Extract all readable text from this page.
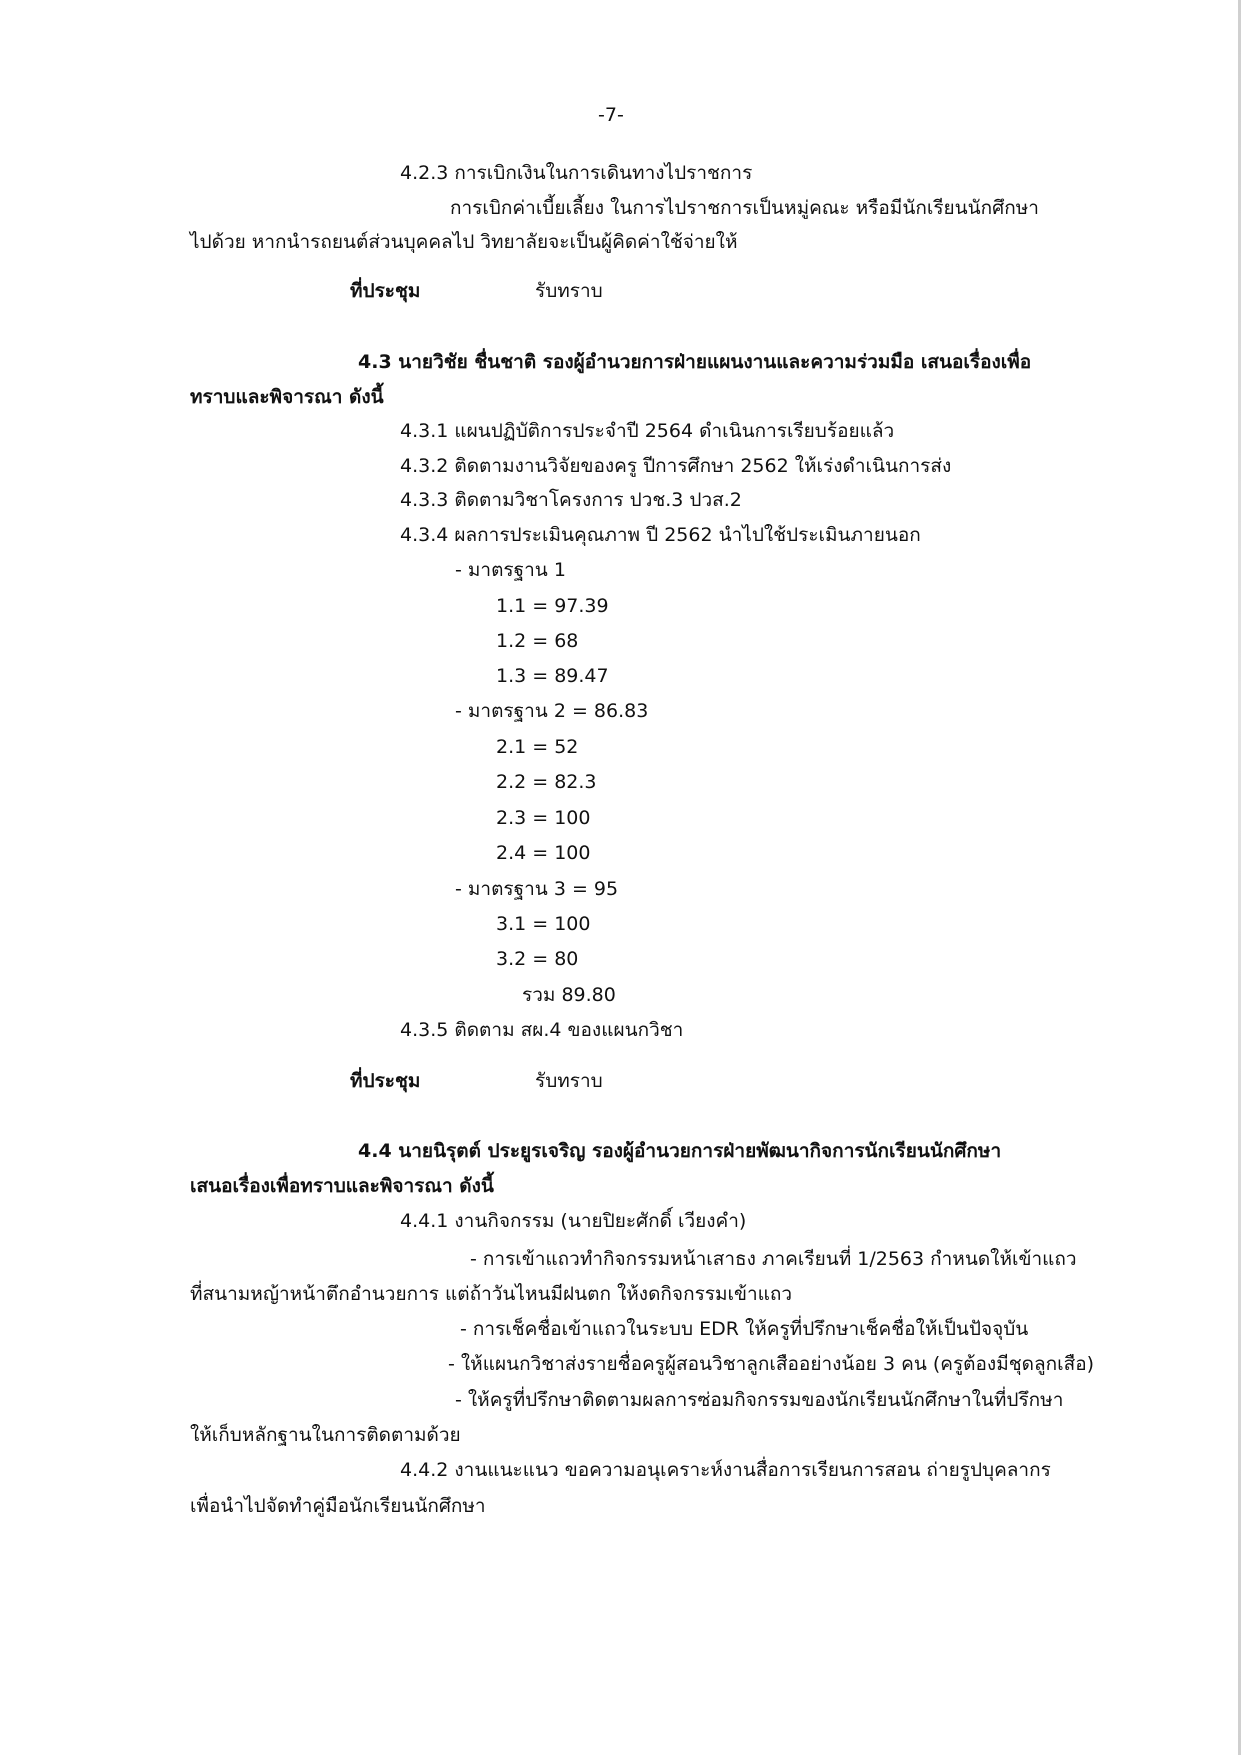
-7-

4.2.3 การเบิกเงินในการเดินทางไปราชการ

การเบิกค่าเบี้ยเลี้ยง ในการไปราชการเป็นหมู่คณะ หรือมีนักเรียนนักศึกษา

ไปด้วย หากนำรถยนต์ส่วนบุคคลไป วิทยาลัยจะเป็นผู้คิดค่าใช้จ่ายให้

ที่ประชุม	รับทราบ

4.3 นายวิชัย ชื่นชาติ รองผู้อำนวยการฝ่ายแผนงานและความร่วมมือ เสนอเรื่องเพื่อ

ทราบและพิจารณา ดังนี้

4.3.1 แผนปฏิบัติการประจำปี 2564 ดำเนินการเรียบร้อยแล้ว

4.3.2 ติดตามงานวิจัยของครู ปีการศึกษา 2562 ให้เร่งดำเนินการส่ง

4.3.3 ติดตามวิชาโครงการ ปวช.3 ปวส.2

4.3.4 ผลการประเมินคุณภาพ ปี 2562 นำไปใช้ประเมินภายนอก

- มาตรฐาน 1

1.1 = 97.39

1.2 = 68

1.3 = 89.47

- มาตรฐาน 2 = 86.83

2.1 = 52

2.2 = 82.3

2.3 = 100

2.4 = 100

- มาตรฐาน 3 = 95

3.1 = 100

3.2 = 80

รวม 89.80

4.3.5 ติดตาม สผ.4 ของแผนกวิชา

ที่ประชุม	รับทราบ

4.4 นายนิรุตต์ ประยูรเจริญ รองผู้อำนวยการฝ่ายพัฒนากิจการนักเรียนนักศึกษา

เสนอเรื่องเพื่อทราบและพิจารณา ดังนี้

4.4.1 งานกิจกรรม (นายปิยะศักดิ์ เวียงคำ)

- การเข้าแถวทำกิจกรรมหน้าเสาธง ภาคเรียนที่ 1/2563 กำหนดให้เข้าแถว

ที่สนามหญ้าหน้าตึกอำนวยการ แต่ถ้าวันไหนมีฝนตก ให้งดกิจกรรมเข้าแถว

- การเช็คชื่อเข้าแถวในระบบ EDR ให้ครูที่ปรึกษาเช็คชื่อให้เป็นปัจจุบัน

- ให้แผนกวิชาส่งรายชื่อครูผู้สอนวิชาลูกเสืออย่างน้อย 3 คน (ครูต้องมีชุดลูกเสือ)

- ให้ครูที่ปรึกษาติดตามผลการซ่อมกิจกรรมของนักเรียนนักศึกษาในที่ปรึกษา

ให้เก็บหลักฐานในการติดตามด้วย

4.4.2 งานแนะแนว ขอความอนุเคราะห์งานสื่อการเรียนการสอน ถ่ายรูปบุคลากร

เพื่อนำไปจัดทำคู่มือนักเรียนนักศึกษา
